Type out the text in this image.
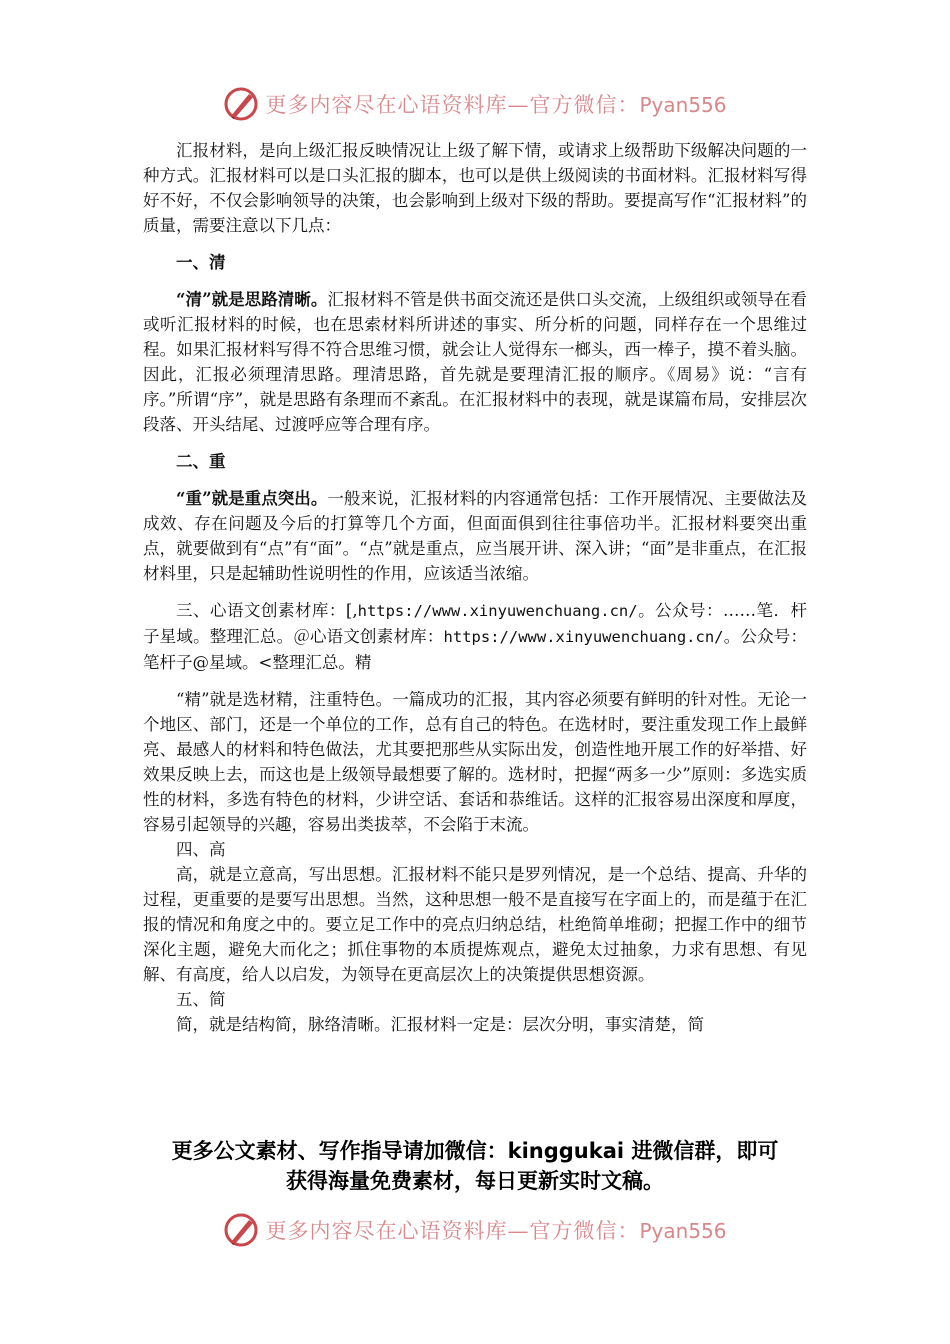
更多内容尽在心语资料库—官方微信：Pyan556

汇报材料，是向上级汇报反映情况让上级了解下情，或请求上级帮助下级解决问题的一种方式。汇报材料可以是口头汇报的脚本，也可以是供上级阅读的书面材料。汇报材料写得好不好，不仅会影响领导的决策，也会影响到上级对下级的帮助。要提高写作“汇报材料”的质量，需要注意以下几点：

一、清

“清”就是思路清晰。汇报材料不管是供书面交流还是供口头交流，上级组织或领导在看或听汇报材料的时候，也在思索材料所讲述的事实、所分析的问题，同样存在一个思维过程。如果汇报材料写得不符合思维习惯，就会让人觉得东一榔头，西一棒子，摸不着头脑。因此，汇报必须理清思路。理清思路，首先就是要理清汇报的顺序。《周易》说：“言有序。”所谓“序”，就是思路有条理而不紊乱。在汇报材料中的表现，就是谋篇布局，安排层次段落、开头结尾、过渡呼应等合理有序。

二、重

“重”就是重点突出。一般来说，汇报材料的内容通常包括：工作开展情况、主要做法及成效、存在问题及今后的打算等几个方面，但面面俱到往往事倍功半。汇报材料要突出重点，就要做到有“点”有“面”。“点”就是重点，应当展开讲、深入讲；“面”是非重点，在汇报材料里，只是起辅助性说明性的作用，应该适当浓缩。

三、心语文创素材库：[,https://www.xinyuwenchuang.cn/。公众号：……笔．杆子星域。整理汇总。＠心语文创素材库：https://www.xinyuwenchuang.cn/。公众号：笔杆子@星域。<整理汇总。精

“精”就是选材精，注重特色。一篇成功的汇报，其内容必须要有鲜明的针对性。无论一个地区、部门，还是一个单位的工作，总有自己的特色。在选材时，要注重发现工作上最鲜亮、最感人的材料和特色做法，尤其要把那些从实际出发，创造性地开展工作的好举措、好效果反映上去，而这也是上级领导最想要了解的。选材时，把握“两多一少”原则：多选实质性的材料，多选有特色的材料，少讲空话、套话和恭维话。这样的汇报容易出深度和厚度，容易引起领导的兴趣，容易出类拔萃，不会陷于末流。

四、高

高，就是立意高，写出思想。汇报材料不能只是罗列情况，是一个总结、提高、升华的过程，更重要的是要写出思想。当然，这种思想一般不是直接写在字面上的，而是蕴于在汇报的情况和角度之中的。要立足工作中的亮点归纳总结，杜绝简单堆砌；把握工作中的细节深化主题，避免大而化之；抓住事物的本质提炼观点，避免太过抽象，力求有思想、有见解、有高度，给人以启发，为领导在更高层次上的决策提供思想资源。

五、简

简，就是结构简，脉络清晰。汇报材料一定是：层次分明，事实清楚，简

更多公文素材、写作指导请加微信：kinggukai 进微信群，即可
获得海量免费素材，每日更新实时文稿。
更多内容尽在心语资料库—官方微信：Pyan556
